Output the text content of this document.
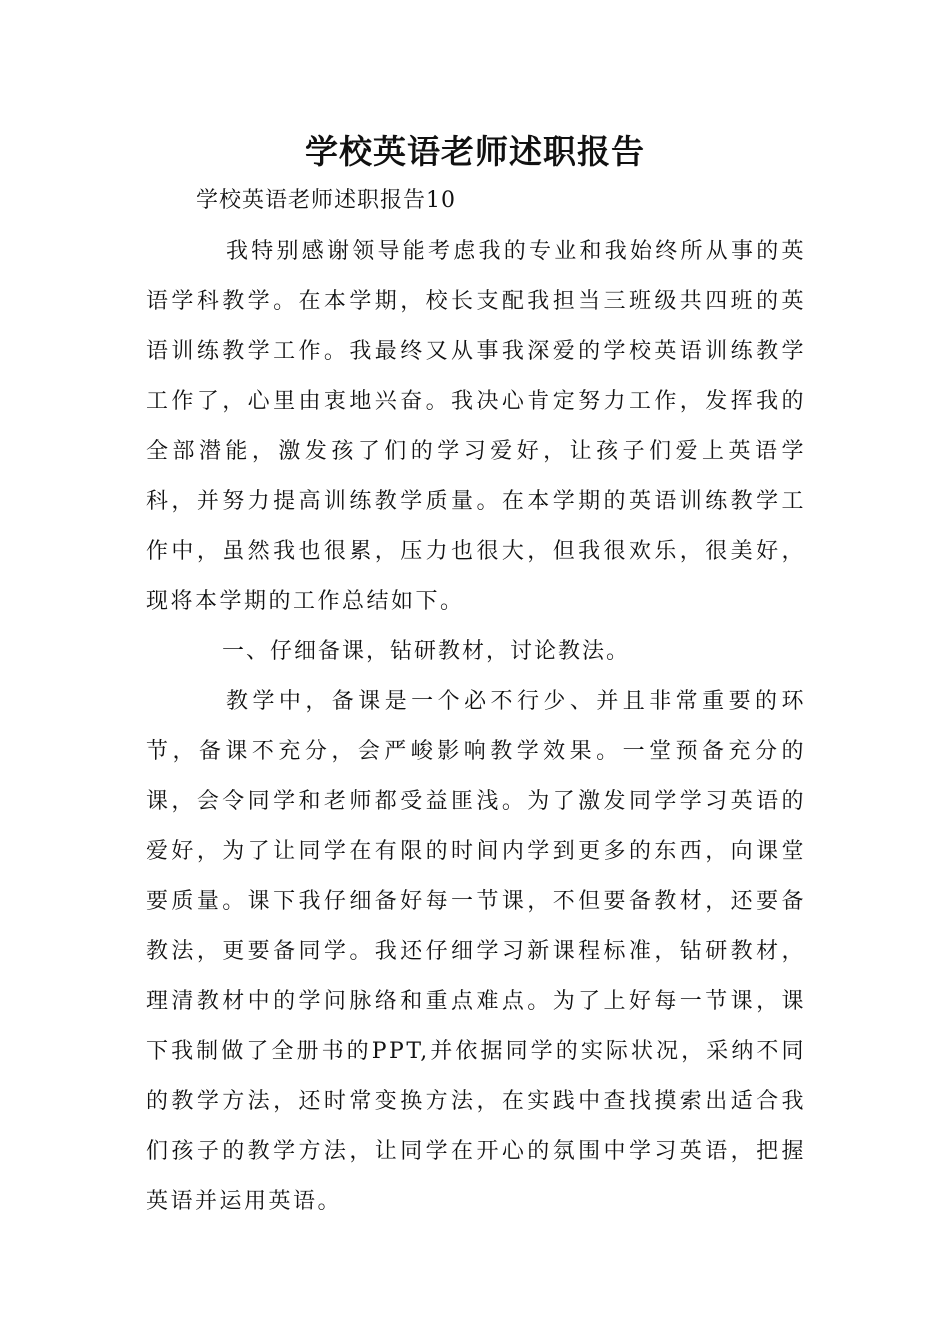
学校英语老师述职报告

学校英语老师述职报告10

我特别感谢领导能考虑我的专业和我始终所从事的英语学科教学。在本学期，校长支配我担当三班级共四班的英语训练教学工作。我最终又从事我深爱的学校英语训练教学工作了，心里由衷地兴奋。我决心肯定努力工作，发挥我的全部潜能，激发孩了们的学习爱好，让孩子们爱上英语学科，并努力提高训练教学质量。在本学期的英语训练教学工作中，虽然我也很累，压力也很大，但我很欢乐，很美好，现将本学期的工作总结如下。

一、仔细备课，钻研教材，讨论教法。

教学中，备课是一个必不行少、并且非常重要的环节，备课不充分，会严峻影响教学效果。一堂预备充分的课，会令同学和老师都受益匪浅。为了激发同学学习英语的爱好，为了让同学在有限的时间内学到更多的东西，向课堂要质量。课下我仔细备好每一节课，不但要备教材，还要备教法，更要备同学。我还仔细学习新课程标准，钻研教材，理清教材中的学问脉络和重点难点。为了上好每一节课，课下我制做了全册书的PPT,并依据同学的实际状况，采纳不同的教学方法，还时常变换方法，在实践中查找摸索出适合我们孩子的教学方法，让同学在开心的氛围中学习英语，把握英语并运用英语。
